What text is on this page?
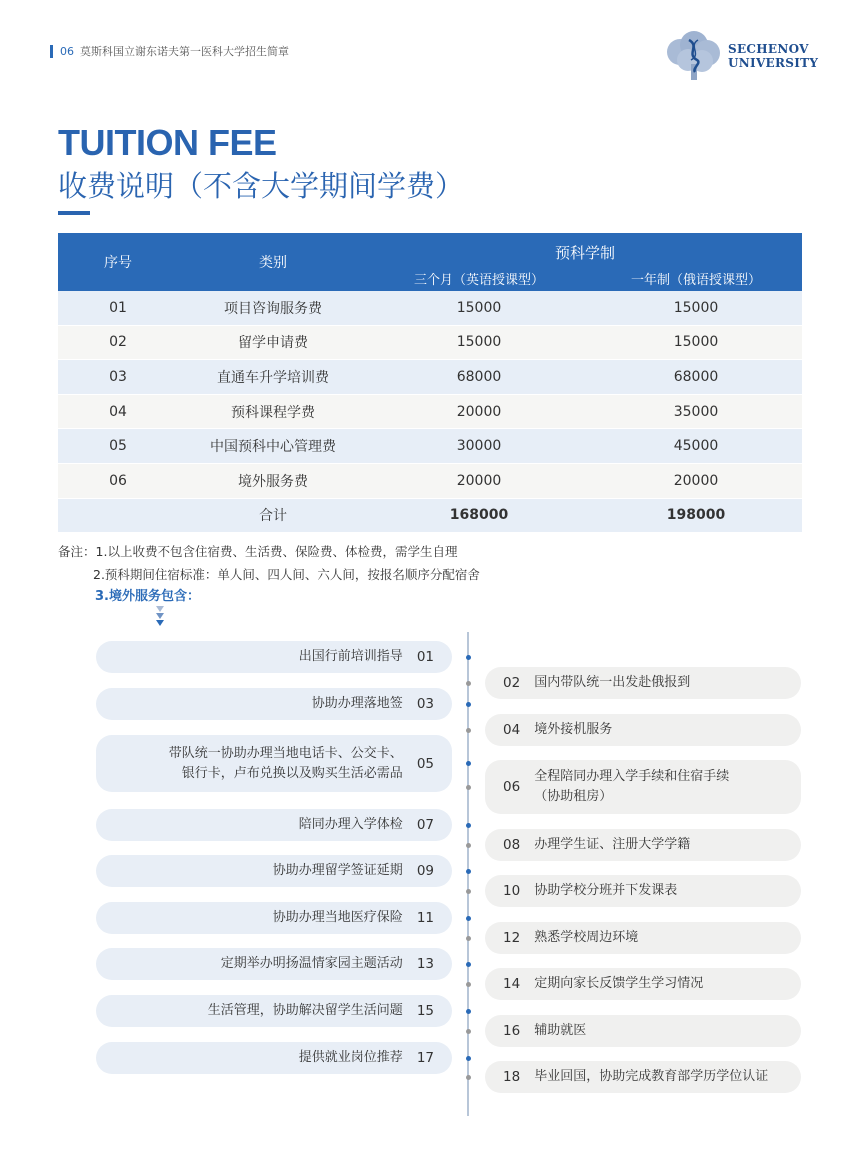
06 莫斯科国立谢东诺夫第一医科大学招生简章	SECHENOV
UNIVERSITY
TUITION FEE
收费说明（不含大学期间学费）
序号	类别	预科学制	
		三个月（英语授课型）	一年制（俄语授课型）
01	项目咨询服务费	15000	15000
02	留学申请费	15000	15000
03	直通车升学培训费	68000	68000
04	预科课程学费	20000	35000
05	中国预科中心管理费	30000	45000
06	境外服务费	20000	20000
	合计	168000	198000
备注：1.以上收费不包含住宿费、生活费、保险费、体检费，需学生自理
2.预科期间住宿标准：单人间、四人间、六人间，按报名顺序分配宿舍
3.境外服务包含：
出国行前培训指导 01
协助办理落地签 03
带队统一协助办理当地电话卡、公交卡、
银行卡，卢布兑换以及购买生活必需品
05
陪同办理入学体检 07
协助办理留学签证延期 09
协助办理当地医疗保险 11
定期举办明扬温情家园主题活动 13
生活管理，协助解决留学生活问题 15
提供就业岗位推荐 17
02 国内带队统一出发赴俄报到
04 境外接机服务
06
全程陪同办理入学手续和住宿手续
（协助租房）
08 办理学生证、注册大学学籍
10 协助学校分班并下发课表
12 熟悉学校周边环境
14 定期向家长反馈学生学习情况
16 辅助就医
18 毕业回国，协助完成教育部学历学位认证
